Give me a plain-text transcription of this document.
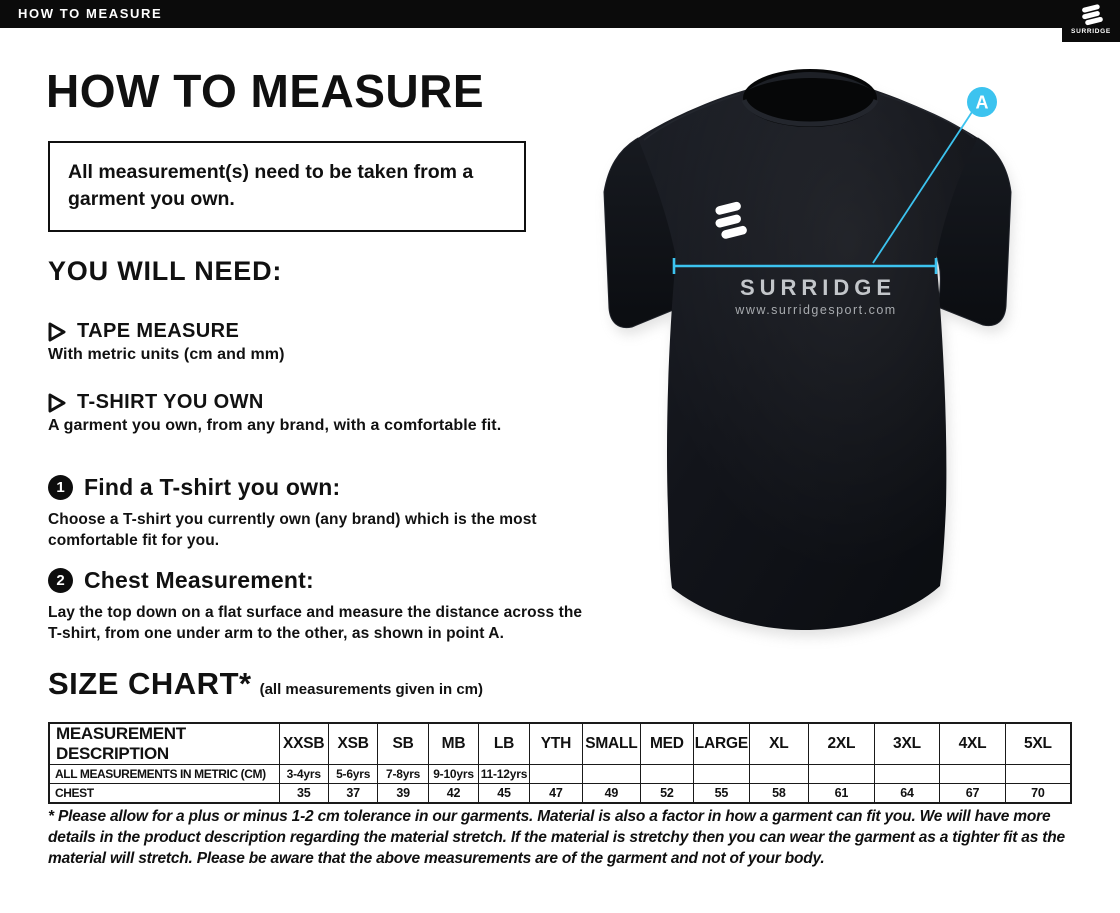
HOW TO MEASURE
SURRIDGE
HOW TO MEASURE
All measurement(s) need to be taken from a garment you own.
YOU WILL NEED:
TAPE MEASURE
With metric units (cm and mm)
T-SHIRT YOU OWN
A garment you own, from any brand, with a comfortable fit.
1 Find a T-shirt you own:
Choose a T-shirt you currently own (any brand) which is the most comfortable fit for you.
2 Chest Measurement:
Lay the top down on a flat surface and measure the distance across the T-shirt, from one under arm to the other, as shown in point A.
SIZE CHART* (all measurements given in cm)
MEASUREMENT DESCRIPTION	XXSB	XSB	SB	MB	LB	YTH	SMALL	MED	LARGE	XL	2XL	3XL	4XL	5XL
ALL MEASUREMENTS IN METRIC (CM)	3-4yrs	5-6yrs	7-8yrs	9-10yrs	11-12yrs									
CHEST	35	37	39	42	45	47	49	52	55	58	61	64	67	70
* Please allow for a plus or minus 1-2 cm tolerance in our garments. Material is also a factor in how a garment can fit you. We will have more details in the product description regarding the material stretch. If the material is stretchy then you can wear the garment as a tighter fit as the material will stretch. Please be aware that the above measurements are of the garment and not of your body.
A
SURRIDGE
www.surridgesport.com
